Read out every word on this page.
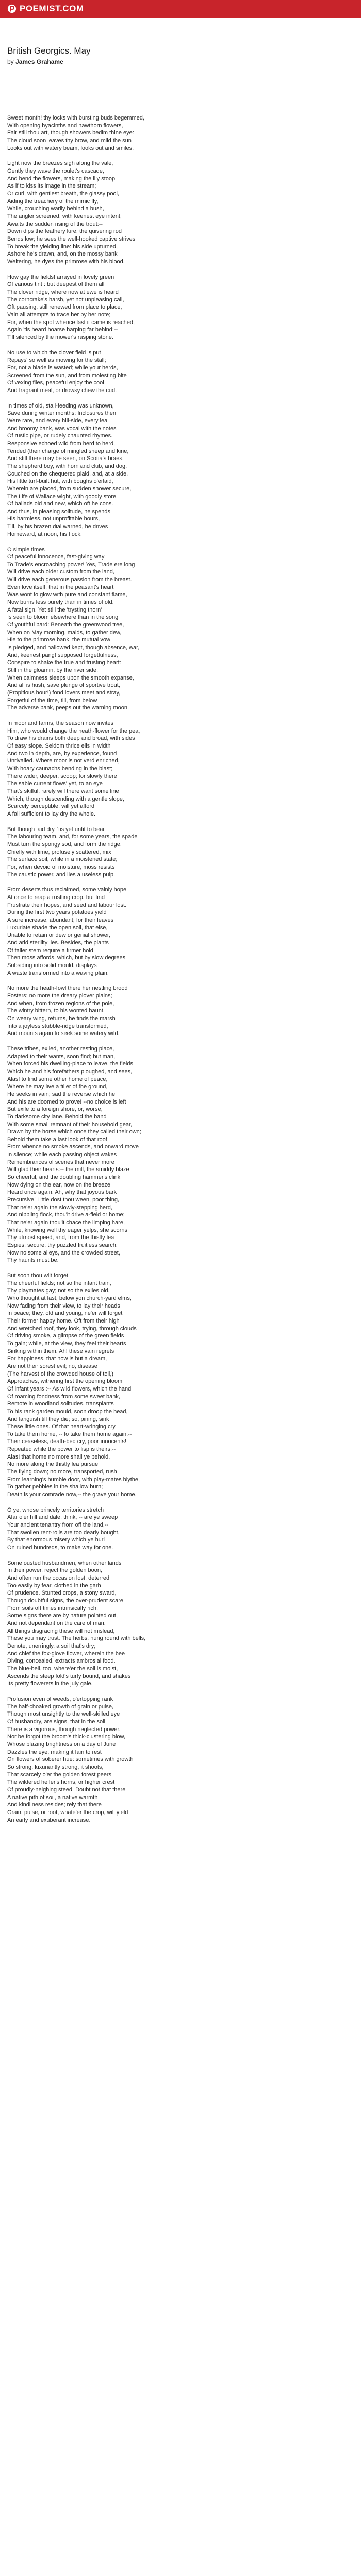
POEMIST.COM
British Georgics. May

by James Grahame

Sweet month! thy locks with bursting buds begemmed,
With opening hyacinths and hawthorn flowers,
Fair still thou art, though showers bedim thine eye:
The cloud soon leaves thy brow, and mild the sun
Looks out with watery beam, looks out and smiles.
Light now the breezes sigh along the vale,
Gently they wave the roulet's cascade,
And bend the flowers, making the lily stoop
As if to kiss its image in the stream;
Or curl, with gentlest breath, the glassy pool,
Aiding the treachery of the mimic fly,
While, crouching warily behind a bush,
The angler screened, with keenest eye intent,
Awaits the sudden rising of the trout:--
Down dips the feathery lure; the quivering rod
Bends low; he sees the well-hooked captive strives
To break the yielding line: his side upturned,
Ashore he's drawn, and, on the mossy bank
Weltering, he dyes the primrose with his blood.
How gay the fields! arrayed in lovely green
Of various tint : but deepest of them all
The clover ridge, where now at ewe is heard
The corncrake's harsh, yet not unpleasing call,
Oft pausing, still renewed from place to place,
Vain all attempts to trace her by her note;
For, when the spot whence last it came is reached,
Again 'tis heard hoarse harping far behind;--
Till silenced by the mower's rasping stone.
No use to which the clover field is put
Repays' so well as mowing for the stall;
For, not a blade is wasted; while your herds,
Screened from the sun, and from molesting bite
Of vexing flies, peaceful enjoy the cool
And fragrant meal, or drowsy chew the cud.
In times of old, stall-feeding was unknown,
Save during winter months: Inclosures then
Were rare, and every hill-side, every lea
And broomy bank, was vocal with the notes
Of rustic pipe, or rudely chaunted rhymes.
Responsive echoed wild from herd to herd,
Tended (their charge of mingled sheep and kine,
And still there may be seen, on Scotia's braes,
The shepherd boy, with horn and club, and dog,
Couched on the chequered plaid, and, at a side,
His little turf-built hut, with boughs o'erlaid,
Wherein are placed, from sudden shower secure,
The Life of Wallace wight, with goodly store
Of ballads old and new, which oft he cons.
And thus, in pleasing solitude, he spends
His harmless, not unprofitable hours,
Till, by his brazen dial warned, he drives
Homeward, at noon, his flock.
O simple times
Of peaceful innocence, fast-giving way
To Trade's encroaching power! Yes, Trade ere long
Will drive each older custom from the land,
Will drive each generous passion from the breast.
Even love itself, that in the peasant's heart
Was wont to glow with pure and constant flame,
Now burns less purely than in times of old.
A fatal sign. Yet still the 'trysting thorn'
Is seen to bloom elsewhere than in the song
Of youthful bard: Beneath the greenwood tree,
When on May morning, maids, to gather dew,
Hie to the primrose bank, the mutual vow
Is pledged, and hallowed kept, though absence, war,
And, keenest pang! supposed forgetfulness,
Conspire to shake the true and trusting heart:
Still in the gloamin, by the river side,
When calmness sleeps upon the smooth expanse,
And all is hush, save plunge of sportive trout,
(Propitious hour!) fond lovers meet and stray,
Forgetful of the time, till, from below
The adverse bank, peeps out the warning moon.
In moorland farms, the season now invites
Him, who would change the heath-flower for the pea,
To draw his drains both deep and broad, with sides
Of easy slope. Seldom thrice ells in width
And two in depth, are, by experience, found
Unrivalled. Where moor is not verd enriched,
With hoary caunachs bending in the blast;
There wider, deeper, scoop; for slowly there
The sable current flows' yet, to an eye
That's skilful, rarely will there want some line
Which, though descending with a gentle slope,
Scarcely perceptible, will yet afford
A fall sufficient to lay dry the whole.
But though laid dry, 'tis yet unfit to bear
The labouring team, and, for some years, the spade
Must turn the spongy sod, and form the ridge.
Chiefly with lime, profusely scattered, mix
The surface soil, while in a moistened state;
For, when devoid of moisture, moss resists
The caustic power, and lies a useless pulp.
From deserts thus reclaimed, some vainly hope
At once to reap a rustling crop, but find
Frustrate their hopes, and seed and labour lost.
During the first two years potatoes yield
A sure increase, abundant; for their leaves
Luxuriate shade the open soil, that else,
Unable to retain or dew or genial shower,
And arid sterility lies. Besides, the plants
Of taller stem require a firmer hold
Then moss affords, which, but by slow degrees
Subsiding into solid mould, displays
A waste transformed into a waving plain.
No more the heath-fowl there her nestling brood
Fosters; no more the dreary plover plains;
And when, from frozen regions of the pole,
The wintry bittern, to his wonted haunt,
On weary wing, returns, he finds the marsh
Into a joyless stubble-ridge transformed,
And mounts again to seek some watery wild.
These tribes, exiled, another resting place,
Adapted to their wants, soon find; but man,
When forced his dwelling-place to leave, the fields
Which he and his forefathers ploughed, and sees,
Alas! to find some other home of peace,
Where he may live a tiller of the ground,
He seeks in vain; sad the reverse which he
And his are doomed to prove! --no choice is left
But exile to a foreign shore, or, worse,
To darksome city lane. Behold the band
With some small remnant of their household gear,
Drawn by the horse which once they called their own;
Behold them take a last look of that roof,
From whence no smoke ascends, and onward move
In silence; while each passing object wakes
Remembrances of scenes that never more
Will glad their hearts:-- the mill, the smiddy blaze
So cheerful, and the doubling hammer's clink
Now dying on the ear, now on the breeze
Heard once again. Ah, why that joyous bark
Precursive! Little dost thou ween, poor thing,
That ne'er again the slowly-stepping herd,
And nibbling flock, thou'lt drive a-field or home;
That ne'er again thou'lt chace the limping hare,
While, knowing well thy eager yelps, she scorns
Thy utmost speed, and, from the thistly lea
Espies, secure, thy puzzled fruitless search.
Now noisome alleys, and the crowded street,
Thy haunts must be.
But soon thou wilt forget
The cheerful fields; not so the infant train,
Thy playmates gay; not so the exiles old,
Who thought at last, below yon church-yard elms,
Now fading from their view, to lay their heads
In peace; they, old and young, ne'er will forget
Their former happy home. Oft from their high
And wretched roof, they look, trying, through clouds
Of driving smoke, a glimpse of the green fields
To gain; while, at the view, they feel their hearts
Sinking within them. Ah! these vain regrets
For happiness, that now is but a dream,
Are not their sorest evil; no, disease
(The harvest of the crowded house of toil,)
Approaches, withering first the opening bloom
Of infant years :-- As wild flowers, which the hand
Of roaming fondness from some sweet bank,
Remote in woodland solitudes, transplants
To his rank garden mould, soon droop the head,
And languish till they die; so, pining, sink
These little ones. Of that heart-wringing cry,
To take them home, -- to take them home again,--
Their ceaseless, death-bed cry, poor innocents!
Repeated while the power to lisp is theirs;--
Alas! that home no more shall ye behold,
No more along the thistly lea pursue
The flying down; no more, transported, rush
From learning's humble door, with play-mates blythe,
To gather pebbles in the shallow burn;
Death is your comrade now,-- the grave your home.
O ye, whose princely territories stretch
Afar o'er hill and dale, think, -- are ye sweep
Your ancient tenantry from off the land,--
That swollen rent-rolls are too dearly bought,
By that enormous misery which ye hurl
On ruined hundreds, to make way for one.
Some ousted husbandmen, when other lands
In their power, reject the golden boon,
And often run the occasion lost, deterred
Too easily by fear, clothed in the garb
Of prudence. Stunted crops, a stony sward,
Though doubtful signs, the over-prudent scare
From soils oft times intrinsically rich.
Some signs there are by nature pointed out,
And not dependant on the care of man.
All things disgracing these will not mislead,
These you may trust. The herbs, hung round with bells,
Denote, unerringly, a soil that's dry;
And chief the fox-glove flower, wherein the bee
Diving, concealed, extracts ambrosial food.
The blue-bell, too, where'er the soil is moist,
Ascends the steep fold's turfy bound, and shakes
Its pretty flowerets in the july gale.
Profusion even of weeds, o'ertopping rank
The half-choaked growth of grain or pulse,
Though most unsightly to the well-skilled eye
Of husbandry, are signs, that in the soil
There is a vigorous, though neglected power.
Nor be forgot the broom's thick-clustering blow,
Whose blazing brightness on a day of June
Dazzles the eye, making it fain to rest
On flowers of soberer hue: sometimes with growth
So strong, luxuriantly strong, it shoots,
That scarcely o'er the golden forest peers
The wildered heifer's horns, or higher crest
Of proudly-neighing steed. Doubt not that there
A native pith of soil, a native warmth
And kindliness resides; rely that there
Grain, pulse, or root, whate'er the crop, will yield
An early and exuberant increase.
